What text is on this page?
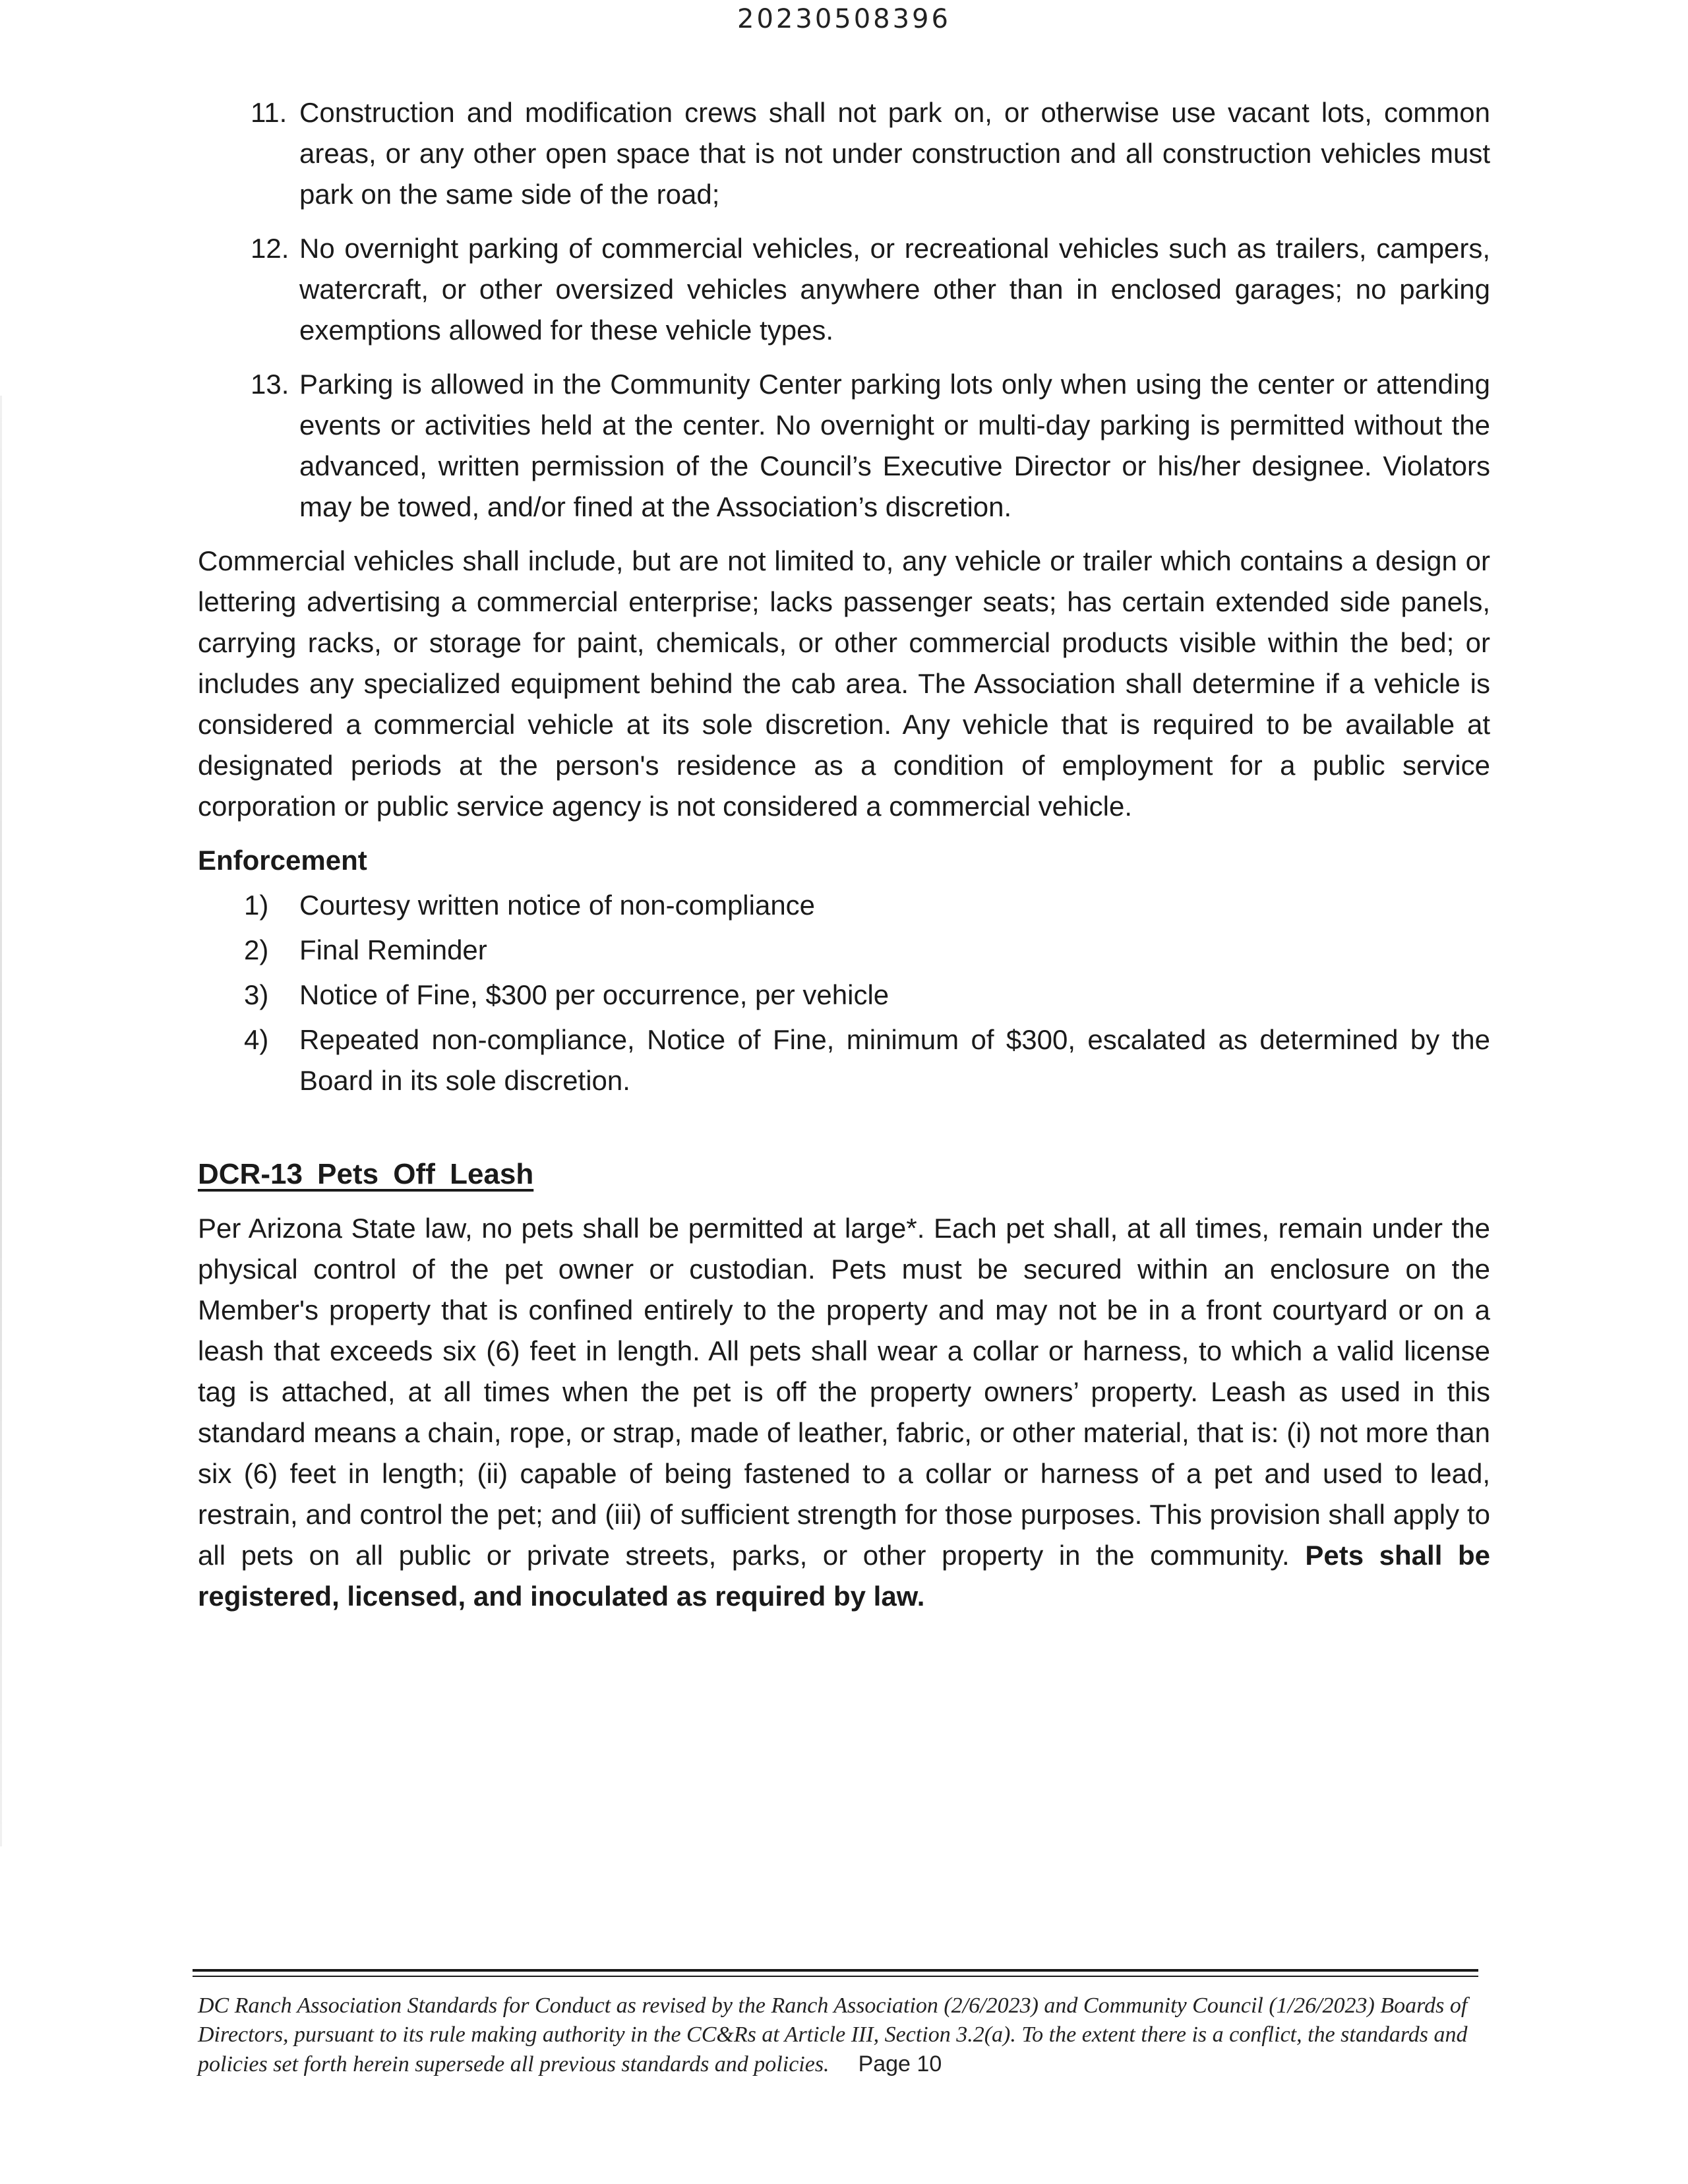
20230508396
11. Construction and modification crews shall not park on, or otherwise use vacant lots, common areas, or any other open space that is not under construction and all construction vehicles must park on the same side of the road;
12. No overnight parking of commercial vehicles, or recreational vehicles such as trailers, campers, watercraft, or other oversized vehicles anywhere other than in enclosed garages; no parking exemptions allowed for these vehicle types.
13. Parking is allowed in the Community Center parking lots only when using the center or attending events or activities held at the center. No overnight or multi-day parking is permitted without the advanced, written permission of the Council’s Executive Director or his/her designee. Violators may be towed, and/or fined at the Association’s discretion.

Commercial vehicles shall include, but are not limited to, any vehicle or trailer which contains a design or lettering advertising a commercial enterprise; lacks passenger seats; has certain extended side panels, carrying racks, or storage for paint, chemicals, or other commercial products visible within the bed; or includes any specialized equipment behind the cab area. The Association shall determine if a vehicle is considered a commercial vehicle at its sole discretion. Any vehicle that is required to be available at designated periods at the person's residence as a condition of employment for a public service corporation or public service agency is not considered a commercial vehicle.

Enforcement
1) Courtesy written notice of non-compliance
2) Final Reminder
3) Notice of Fine, $300 per occurrence, per vehicle
4) Repeated non-compliance, Notice of Fine, minimum of $300, escalated as determined by the Board in its sole discretion.
DCR-13 Pets Off Leash

Per Arizona State law, no pets shall be permitted at large*. Each pet shall, at all times, remain under the physical control of the pet owner or custodian. Pets must be secured within an enclosure on the Member's property that is confined entirely to the property and may not be in a front courtyard or on a leash that exceeds six (6) feet in length. All pets shall wear a collar or harness, to which a valid license tag is attached, at all times when the pet is off the property owners’ property. Leash as used in this standard means a chain, rope, or strap, made of leather, fabric, or other material, that is: (i) not more than six (6) feet in length; (ii) capable of being fastened to a collar or harness of a pet and used to lead, restrain, and control the pet; and (iii) of sufficient strength for those purposes. This provision shall apply to all pets on all public or private streets, parks, or other property in the community. Pets shall be registered, licensed, and inoculated as required by law.

DC Ranch Association Standards for Conduct as revised by the Ranch Association (2/6/2023) and Community Council (1/26/2023) Boards of Directors, pursuant to its rule making authority in the CC&Rs at Article III, Section 3.2(a). To the extent there is a conflict, the standards and policies set forth herein supersede all previous standards and policies. Page 10
